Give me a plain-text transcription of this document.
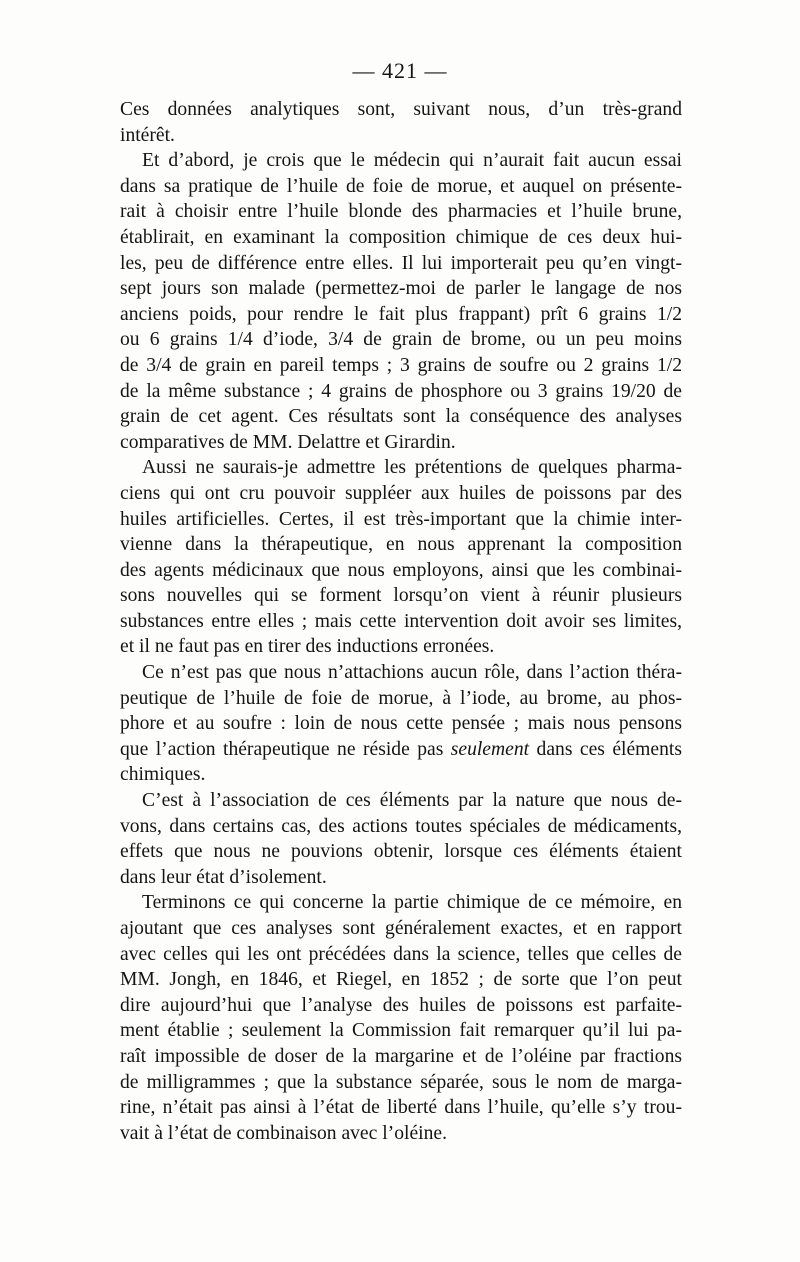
— 421 —
Ces données analytiques sont, suivant nous, d’un très-grand
intérêt.
Et d’abord, je crois que le médecin qui n’aurait fait aucun essai
dans sa pratique de l’huile de foie de morue, et auquel on présente-
rait à choisir entre l’huile blonde des pharmacies et l’huile brune,
établirait, en examinant la composition chimique de ces deux hui-
les, peu de différence entre elles. Il lui importerait peu qu’en vingt-
sept jours son malade (permettez-moi de parler le langage de nos
anciens poids, pour rendre le fait plus frappant) prît 6 grains 1/2
ou 6 grains 1/4 d’iode, 3/4 de grain de brome, ou un peu moins
de 3/4 de grain en pareil temps ; 3 grains de soufre ou 2 grains 1/2
de la même substance ; 4 grains de phosphore ou 3 grains 19/20 de
grain de cet agent. Ces résultats sont la conséquence des analyses
comparatives de MM. Delattre et Girardin.
Aussi ne saurais-je admettre les prétentions de quelques pharma-
ciens qui ont cru pouvoir suppléer aux huiles de poissons par des
huiles artificielles. Certes, il est très-important que la chimie inter-
vienne dans la thérapeutique, en nous apprenant la composition
des agents médicinaux que nous employons, ainsi que les combinai-
sons nouvelles qui se forment lorsqu’on vient à réunir plusieurs
substances entre elles ; mais cette intervention doit avoir ses limites,
et il ne faut pas en tirer des inductions erronées.
Ce n’est pas que nous n’attachions aucun rôle, dans l’action théra-
peutique de l’huile de foie de morue, à l’iode, au brome, au phos-
phore et au soufre : loin de nous cette pensée ; mais nous pensons
que l’action thérapeutique ne réside pas seulement dans ces éléments
chimiques.
C’est à l’association de ces éléments par la nature que nous de-
vons, dans certains cas, des actions toutes spéciales de médicaments,
effets que nous ne pouvions obtenir, lorsque ces éléments étaient
dans leur état d’isolement.
Terminons ce qui concerne la partie chimique de ce mémoire, en
ajoutant que ces analyses sont généralement exactes, et en rapport
avec celles qui les ont précédées dans la science, telles que celles de
MM. Jongh, en 1846, et Riegel, en 1852 ; de sorte que l’on peut
dire aujourd’hui que l’analyse des huiles de poissons est parfaite-
ment établie ; seulement la Commission fait remarquer qu’il lui pa-
raît impossible de doser de la margarine et de l’oléine par fractions
de milligrammes ; que la substance séparée, sous le nom de marga-
rine, n’était pas ainsi à l’état de liberté dans l’huile, qu’elle s’y trou-
vait à l’état de combinaison avec l’oléine.
